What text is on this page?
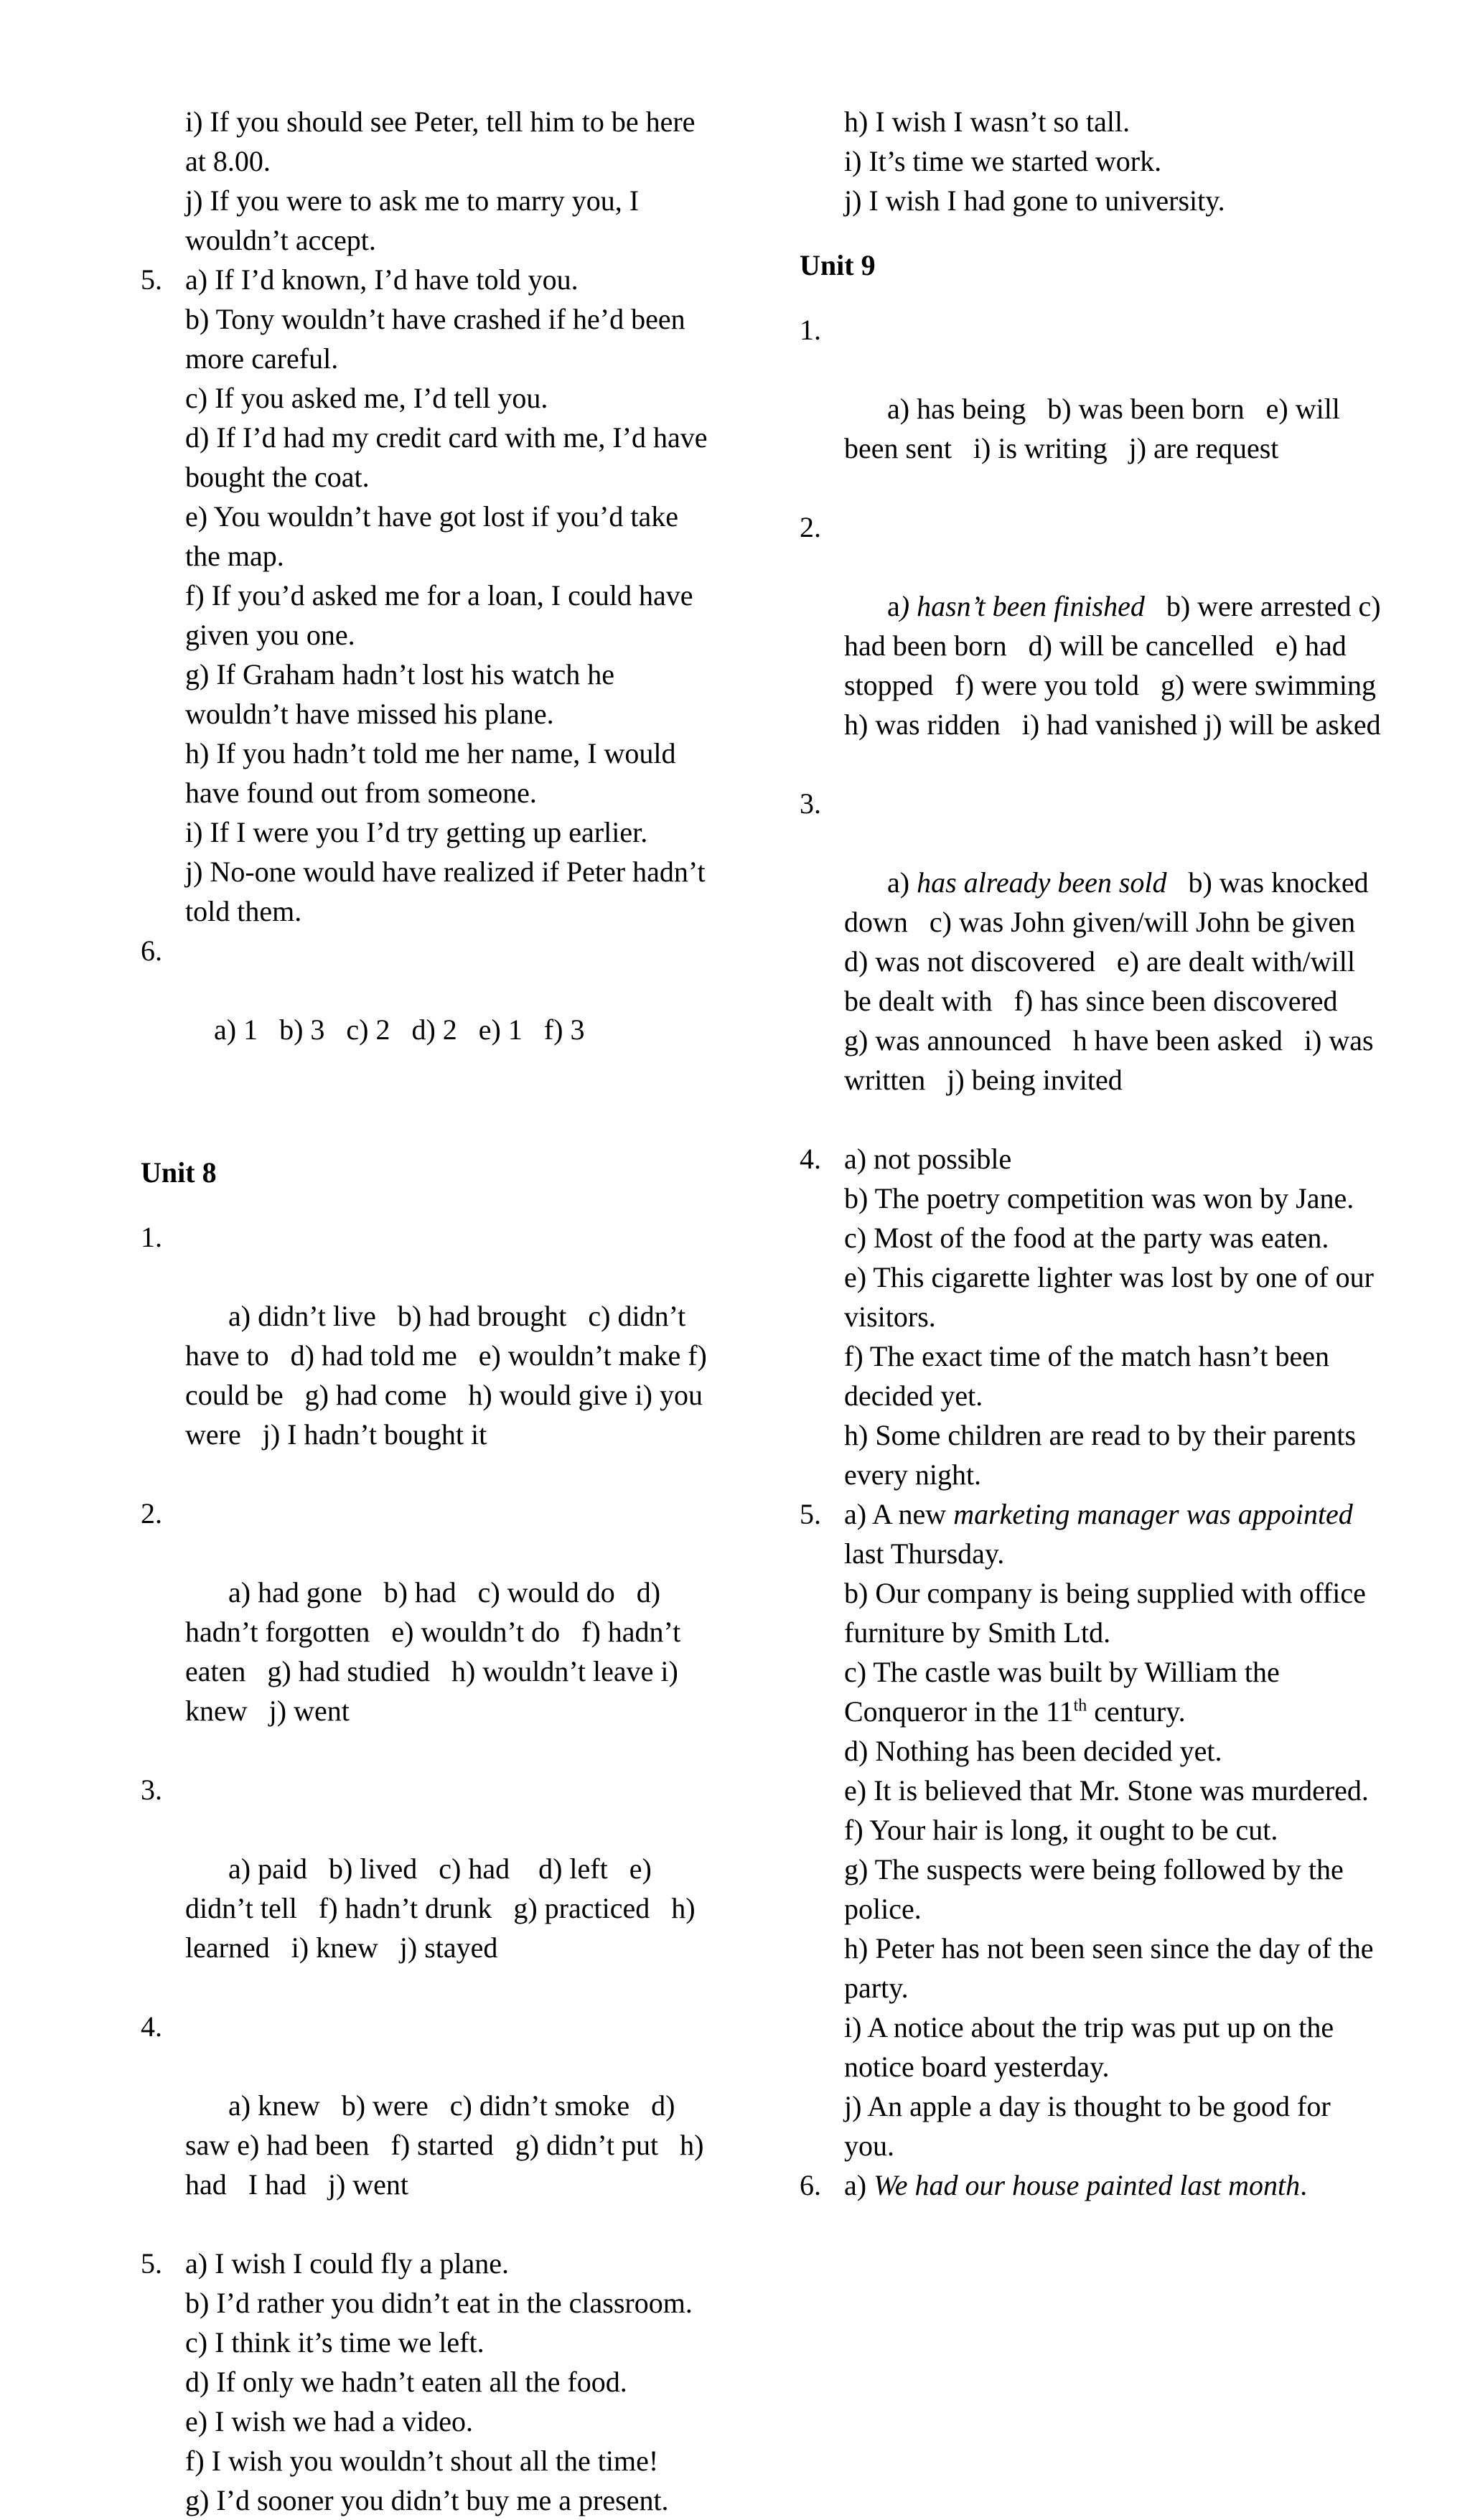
i) If you should see Peter, tell him to be here at 8.00.
j) If you were to ask me to marry you, I wouldn’t accept.
5. a) If I’d known, I’d have told you.
b) Tony wouldn’t have crashed if he’d been more careful.
c) If you asked me, I’d tell you.
d) If I’d had my credit card with me, I’d have bought the coat.
e) You wouldn’t have got lost if you’d take the map.
f) If you’d asked me for a loan, I could have given you one.
g) If Graham hadn’t lost his watch he wouldn’t have missed his plane.
h) If you hadn’t told me her name, I would have found out from someone.
i) If I were you I’d try getting up earlier.
j) No-one would have realized if Peter hadn’t told them.

6.

a) 1   b) 3   c) 2   d) 2   e) 1   f) 3

Unit 8

1.

a) didn’t live   b) had brought   c) didn’t have to   d) had told me   e) wouldn’t make f) could be   g) had come   h) would give i) you were   j) I hadn’t bought it

2.

a) had gone   b) had   c) would do   d) hadn’t forgotten   e) wouldn’t do   f) hadn’t eaten   g) had studied   h) wouldn’t leave i) knew   j) went

3.

a) paid   b) lived   c) had    d) left   e) didn’t tell   f) hadn’t drunk   g) practiced   h) learned   i) knew   j) stayed

4.

a) knew   b) were   c) didn’t smoke   d) saw e) had been   f) started   g) didn’t put   h) had   I had   j) went

5. a) I wish I could fly a plane.
b) I’d rather you didn’t eat in the classroom.
c) I think it’s time we left.
d) If only we hadn’t eaten all the food.
e) I wish we had a video.
f) I wish you wouldn’t shout all the time!
g) I’d sooner you didn’t buy me a present.
h) I wish I wasn’t so tall.
i) It’s time we started work.
j) I wish I had gone to university.
Unit 9

1.

a) has being   b) was been born   e) will been sent   i) is writing   j) are request

2.

a) hasn’t been finished   b) were arrested c) had been born   d) will be cancelled   e) had stopped   f) were you told   g) were swimming   h) was ridden   i) had vanished j) will be asked

3.

a) has already been sold   b) was knocked down   c) was John given/will John be given   d) was not discovered   e) are dealt with/will be dealt with   f) has since been discovered   g) was announced   h have been asked   i) was written   j) being invited

4. a) not possible
b) The poetry competition was won by Jane.
c) Most of the food at the party was eaten.
e) This cigarette lighter was lost by one of our visitors.
f) The exact time of the match hasn’t been decided yet.
h) Some children are read to by their parents every night.
5. a) A new marketing manager was appointed last Thursday.
b) Our company is being supplied with office furniture by Smith Ltd.
c) The castle was built by William the Conqueror in the 11th century.
d) Nothing has been decided yet.
e) It is believed that Mr. Stone was murdered.
f) Your hair is long, it ought to be cut.
g) The suspects were being followed by the police.
h) Peter has not been seen since the day of the party.
i) A notice about the trip was put up on the notice board yesterday.
j) An apple a day is thought to be good for you.
6. a) We had our house painted last month.
